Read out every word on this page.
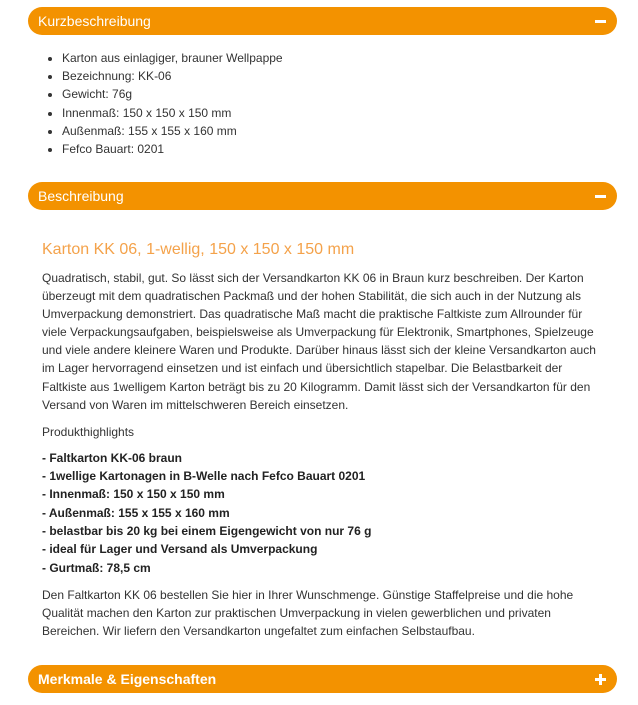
Kurzbeschreibung
• Karton aus einlagiger, brauner Wellpappe
• Bezeichnung: KK-06
• Gewicht: 76g
• Innenmaß: 150 x 150 x 150 mm
• Außenmaß: 155 x 155 x 160 mm
• Fefco Bauart: 0201
Beschreibung
Karton KK 06, 1-wellig, 150 x 150 x 150 mm

Quadratisch, stabil, gut. So lässt sich der Versandkarton KK 06 in Braun kurz beschreiben. Der Karton überzeugt mit dem quadratischen Packmaß und der hohen Stabilität, die sich auch in der Nutzung als Umverpackung demonstriert. Das quadratische Maß macht die praktische Faltkiste zum Allrounder für viele Verpackungsaufgaben, beispielsweise als Umverpackung für Elektronik, Smartphones, Spielzeuge und viele andere kleinere Waren und Produkte. Darüber hinaus lässt sich der kleine Versandkarton auch im Lager hervorragend einsetzen und ist einfach und übersichtlich stapelbar. Die Belastbarkeit der Faltkiste aus 1welligem Karton beträgt bis zu 20 Kilogramm. Damit lässt sich der Versandkarton für den Versand von Waren im mittelschweren Bereich einsetzen.

Produkthighlights

- Faltkarton KK-06 braun
- 1wellige Kartonagen in B-Welle nach Fefco Bauart 0201
- Innenmaß: 150 x 150 x 150 mm
- Außenmaß: 155 x 155 x 160 mm
- belastbar bis 20 kg bei einem Eigengewicht von nur 76 g
- ideal für Lager und Versand als Umverpackung
- Gurtmaß: 78,5 cm

Den Faltkarton KK 06 bestellen Sie hier in Ihrer Wunschmenge. Günstige Staffelpreise und die hohe Qualität machen den Karton zur praktischen Umverpackung in vielen gewerblichen und privaten Bereichen. Wir liefern den Versandkarton ungefaltet zum einfachen Selbstaufbau.

Merkmale & Eigenschaften
